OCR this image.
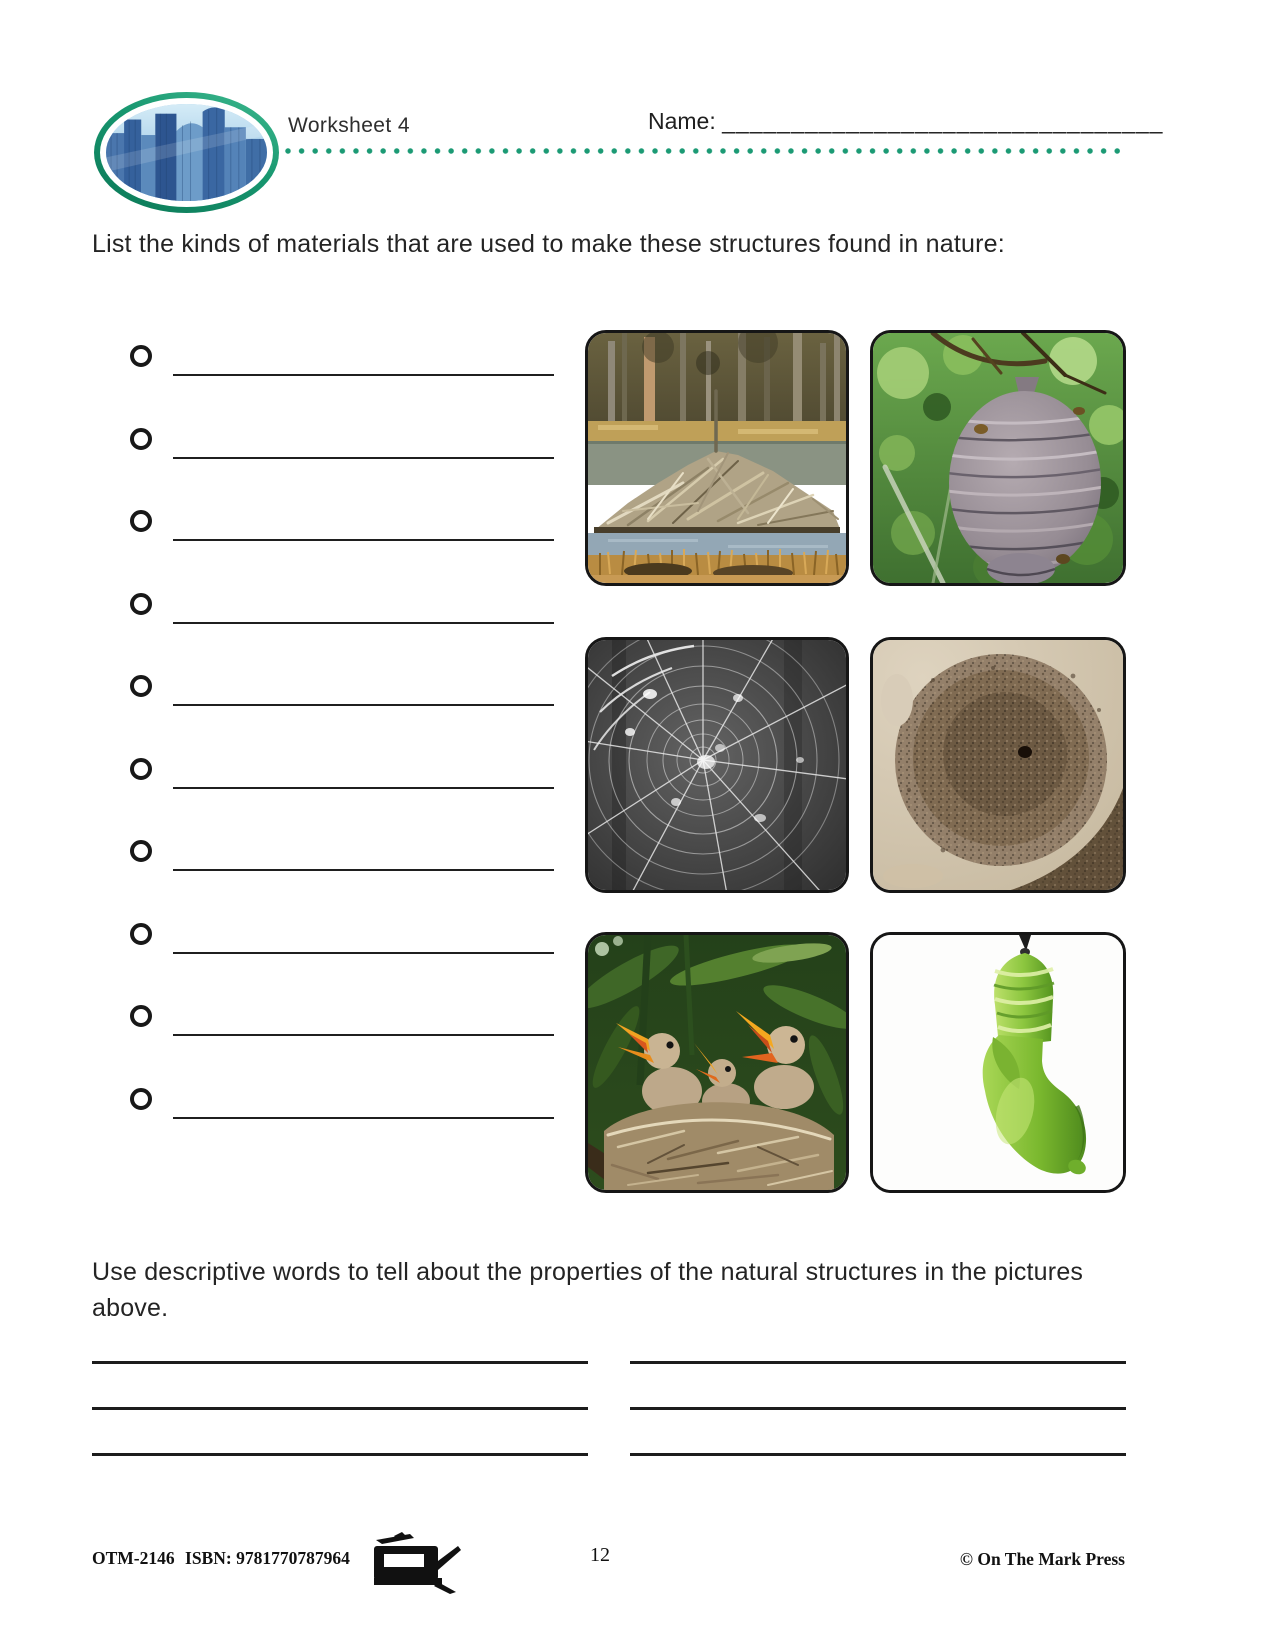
Worksheet 4	Name: ________________________________
List the kinds of materials that are used to make these structures found in nature:
Use descriptive words to tell about the properties of the natural structures in the pictures above.
OTM-2146 ISBN: 9781770787964	12	© On The Mark Press
